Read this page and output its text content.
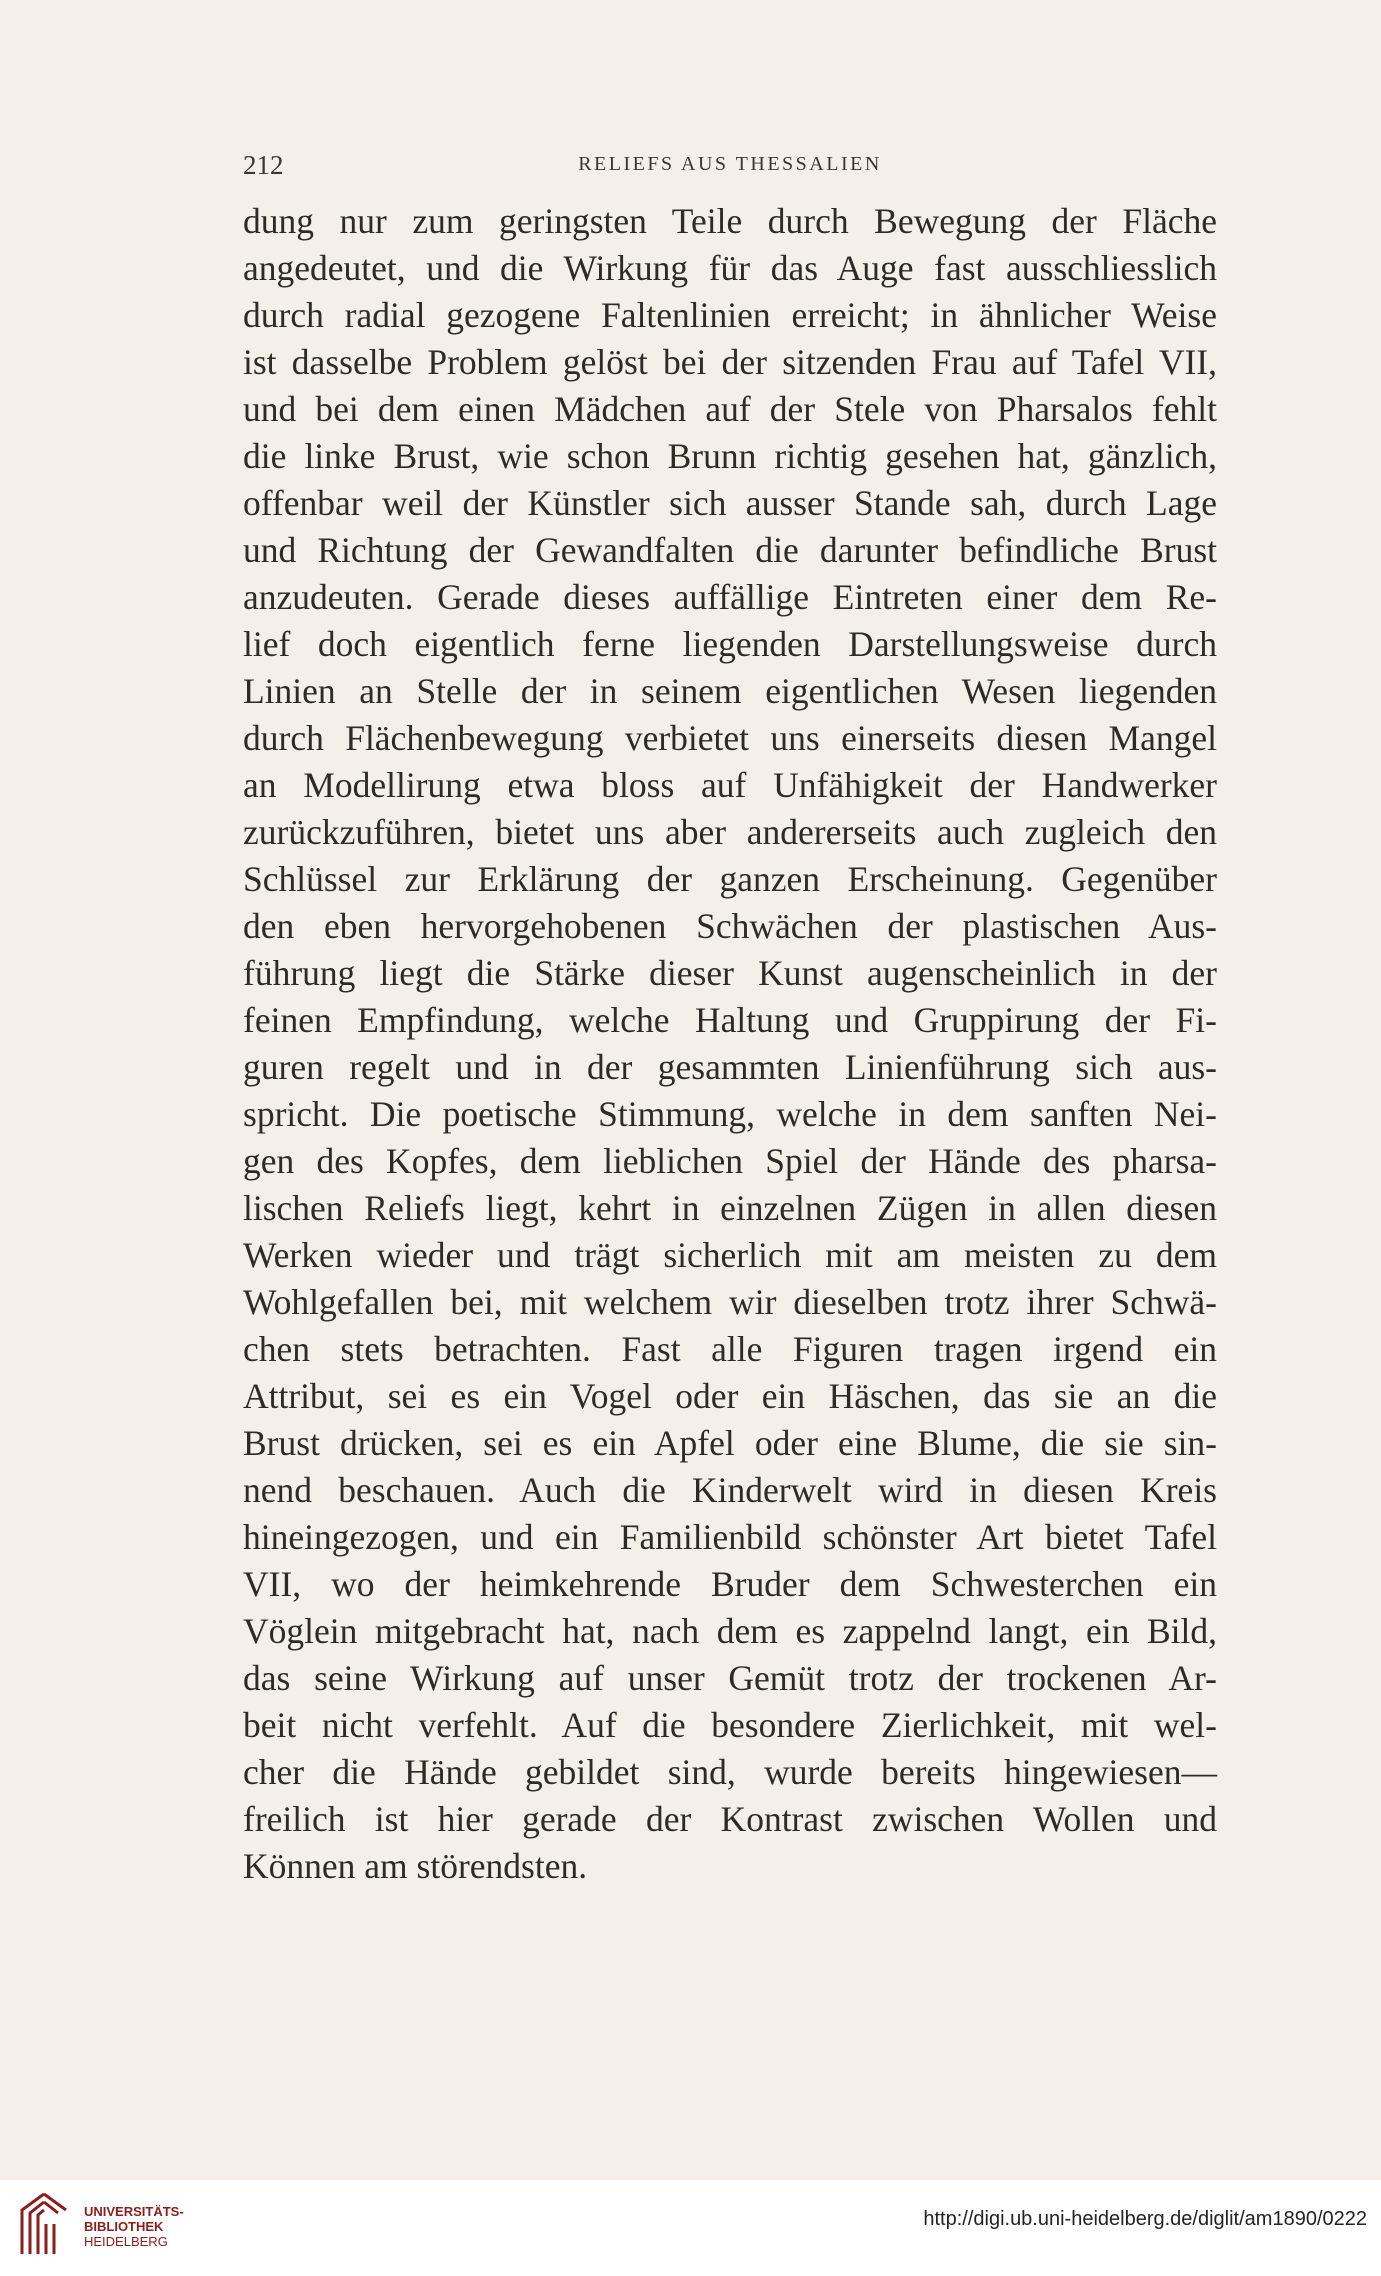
212	RELIEFS AUS THESSALIEN
dung nur zum geringsten Teile durch Bewegung der Fläche
angedeutet, und die Wirkung für das Auge fast ausschliesslich
durch radial gezogene Faltenlinien erreicht; in ähnlicher Weise
ist dasselbe Problem gelöst bei der sitzenden Frau auf Tafel VII,
und bei dem einen Mädchen auf der Stele von Pharsalos fehlt
die linke Brust, wie schon Brunn richtig gesehen hat, gänzlich,
offenbar weil der Künstler sich ausser Stande sah, durch Lage
und Richtung der Gewandfalten die darunter befindliche Brust
anzudeuten. Gerade dieses auffällige Eintreten einer dem Re-
lief doch eigentlich ferne liegenden Darstellungsweise durch
Linien an Stelle der in seinem eigentlichen Wesen liegenden
durch Flächenbewegung verbietet uns einerseits diesen Mangel
an Modellirung etwa bloss auf Unfähigkeit der Handwerker
zurückzuführen, bietet uns aber andererseits auch zugleich den
Schlüssel zur Erklärung der ganzen Erscheinung. Gegenüber
den eben hervorgehobenen Schwächen der plastischen Aus-
führung liegt die Stärke dieser Kunst augenscheinlich in der
feinen Empfindung, welche Haltung und Gruppirung der Fi-
guren regelt und in der gesammten Linienführung sich aus-
spricht. Die poetische Stimmung, welche in dem sanften Nei-
gen des Kopfes, dem lieblichen Spiel der Hände des pharsa-
lischen Reliefs liegt, kehrt in einzelnen Zügen in allen diesen
Werken wieder und trägt sicherlich mit am meisten zu dem
Wohlgefallen bei, mit welchem wir dieselben trotz ihrer Schwä-
chen stets betrachten. Fast alle Figuren tragen irgend ein
Attribut, sei es ein Vogel oder ein Häschen, das sie an die
Brust drücken, sei es ein Apfel oder eine Blume, die sie sin-
nend beschauen. Auch die Kinderwelt wird in diesen Kreis
hineingezogen, und ein Familienbild schönster Art bietet Tafel
VII, wo der heimkehrende Bruder dem Schwesterchen ein
Vöglein mitgebracht hat, nach dem es zappelnd langt, ein Bild,
das seine Wirkung auf unser Gemüt trotz der trockenen Ar-
beit nicht verfehlt. Auf die besondere Zierlichkeit, mit wel-
cher die Hände gebildet sind, wurde bereits hingewiesen—
freilich ist hier gerade der Kontrast zwischen Wollen und
Können am störendsten.
UNIVERSITÄTS-
BIBLIOTHEK
HEIDELBERG
http://digi.ub.uni-heidelberg.de/diglit/am1890/0222
